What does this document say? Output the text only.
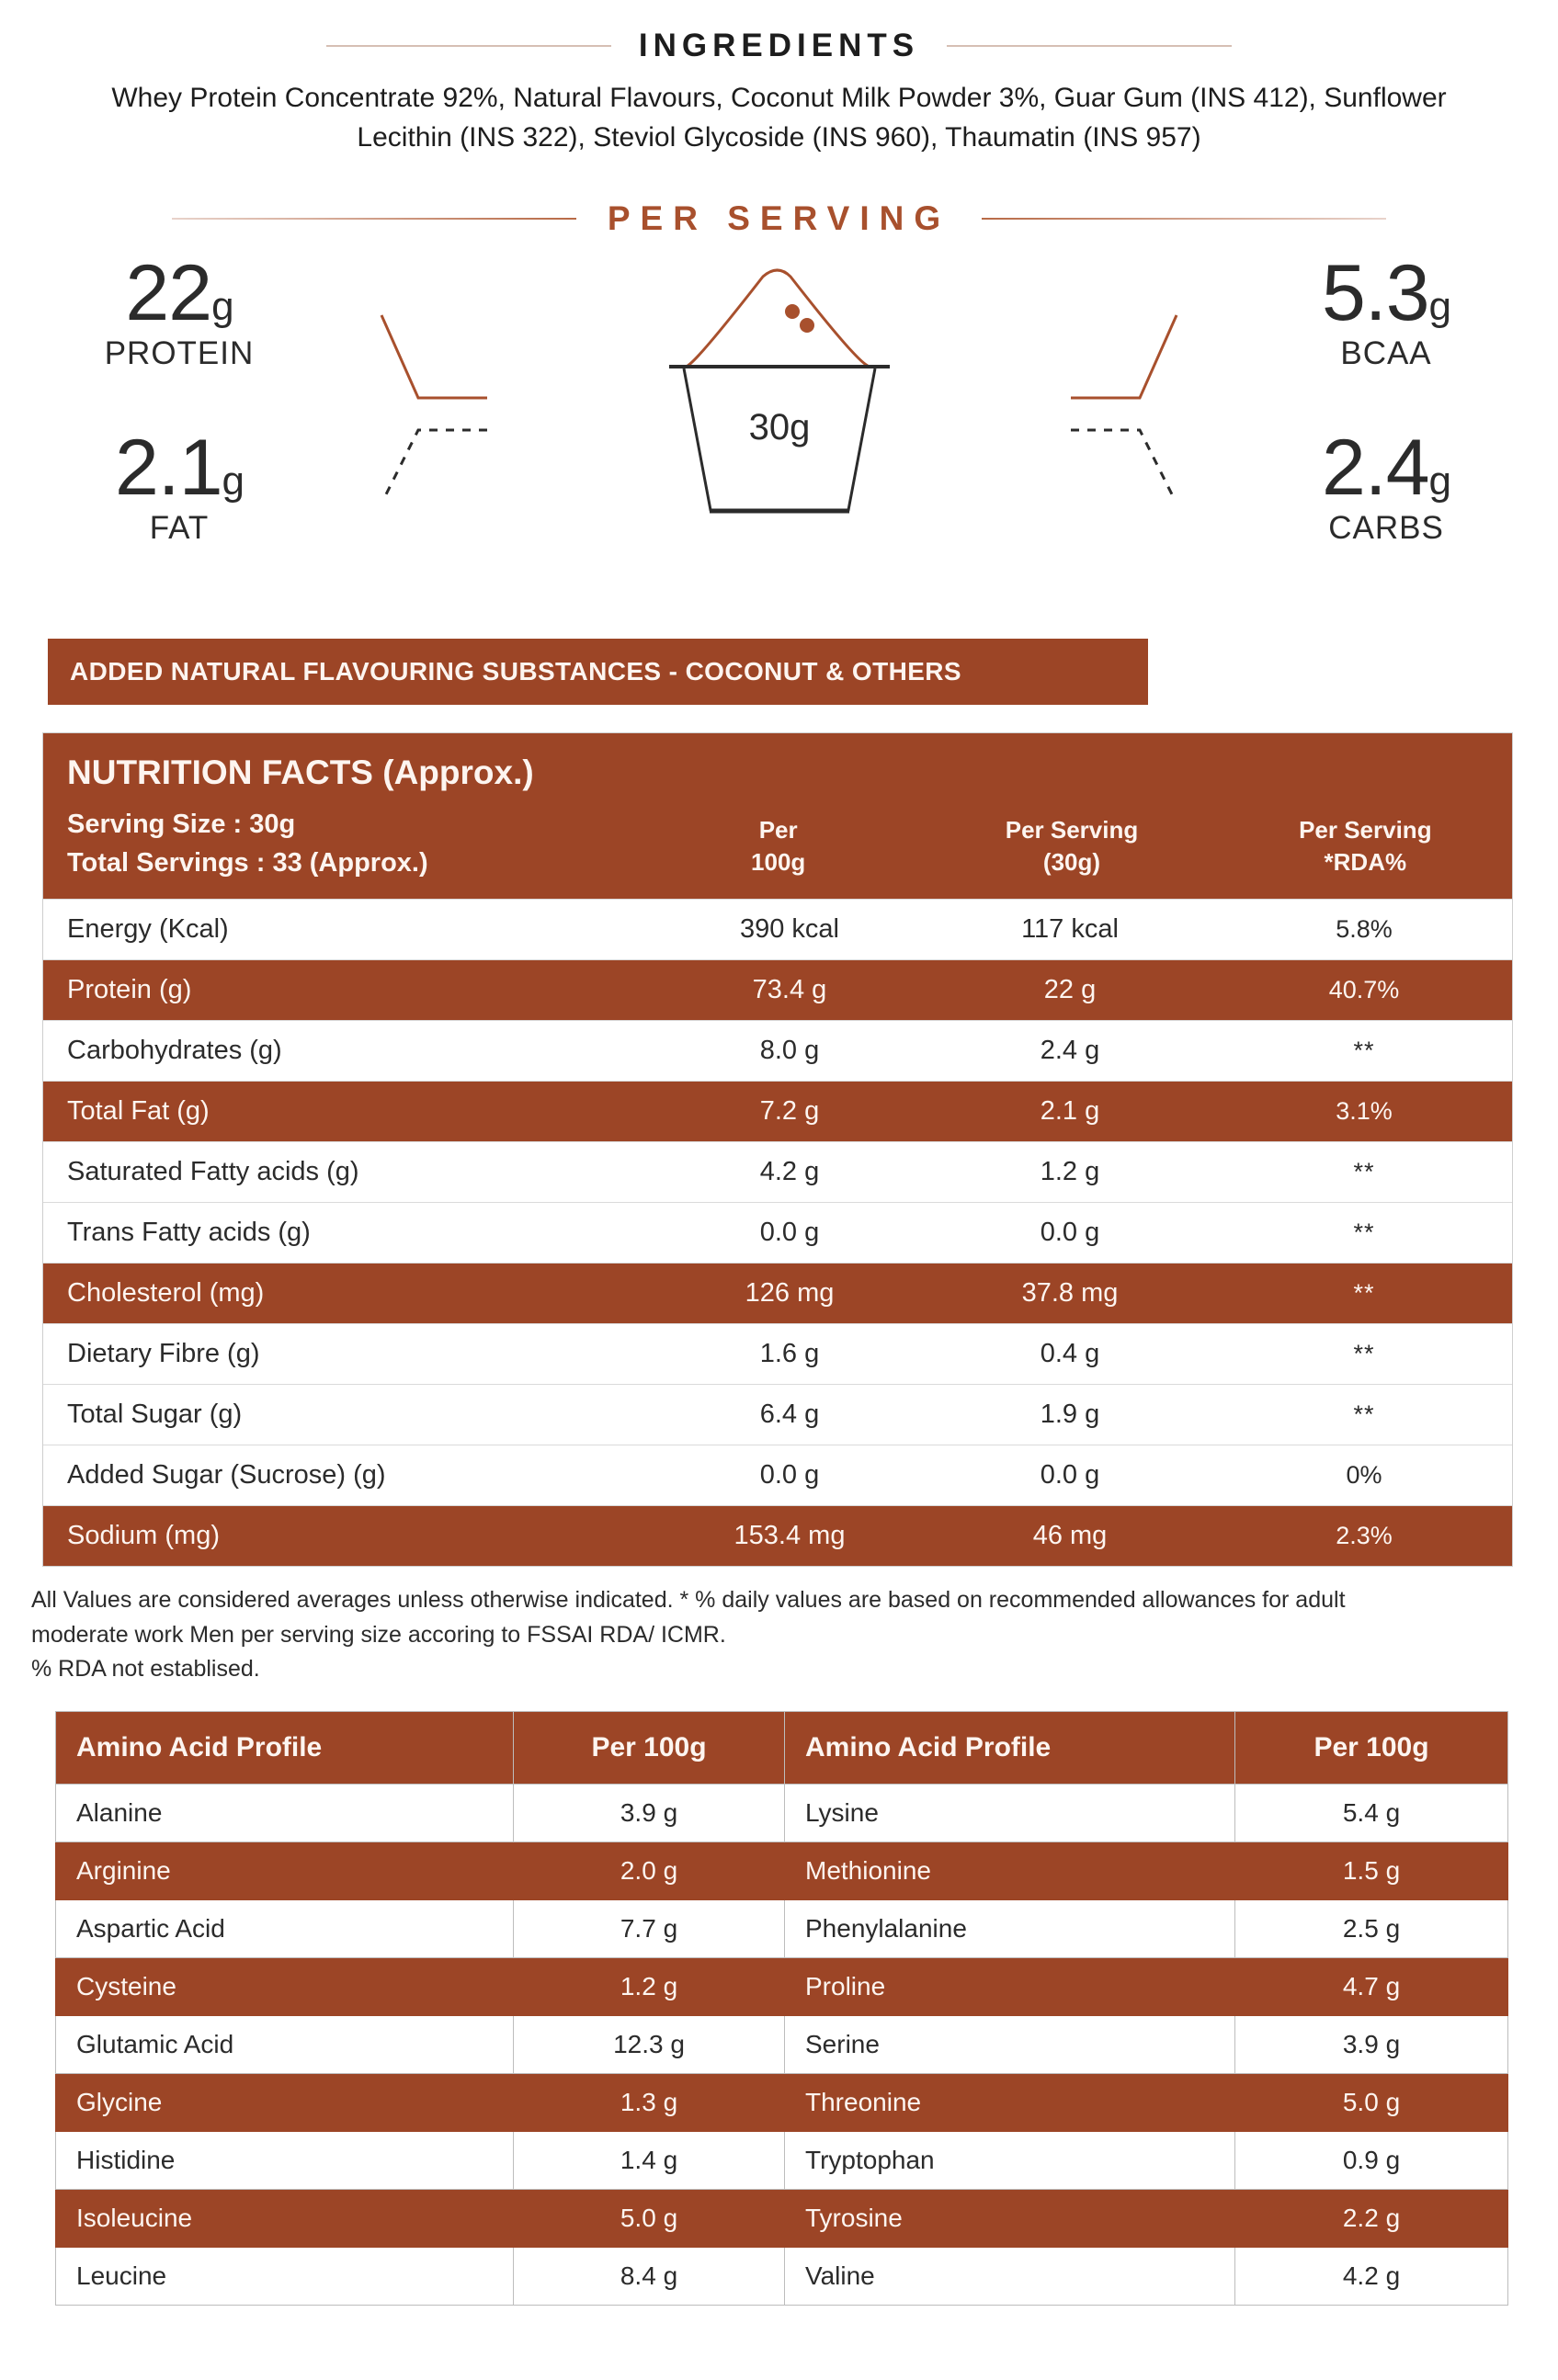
INGREDIENTS
Whey Protein Concentrate 92%, Natural Flavours, Coconut Milk Powder 3%, Guar Gum (INS 412), Sunflower Lecithin (INS 322), Steviol Glycoside (INS 960), Thaumatin (INS 957)
PER SERVING
30g
22g
PROTEIN
2.1g
FAT
5.3g
BCAA
2.4g
CARBS
ADDED NATURAL FLAVOURING SUBSTANCES - COCONUT & OTHERS
NUTRITION FACTS (Approx.)
Serving Size : 30g
Total Servings : 33 (Approx.)
Per
100g
Per Serving
(30g)
Per Serving
*RDA%
Energy (Kcal)	390 kcal	117 kcal	5.8%
Protein (g)	73.4 g	22 g	40.7%
Carbohydrates (g)	8.0 g	2.4 g	**
Total Fat (g)	7.2 g	2.1 g	3.1%
Saturated Fatty acids (g)	4.2 g	1.2 g	**
Trans Fatty acids (g)	0.0 g	0.0 g	**
Cholesterol (mg)	126 mg	37.8 mg	**
Dietary Fibre (g)	1.6 g	0.4 g	**
Total Sugar (g)	6.4 g	1.9 g	**
Added Sugar (Sucrose) (g)	0.0 g	0.0 g	0%
Sodium (mg)	153.4 mg	46 mg	2.3%
All Values are considered averages unless otherwise indicated. * % daily values are based on recommended allowances for adult moderate work Men per serving size accoring to FSSAI RDA/ ICMR.
% RDA not establised.
Amino Acid Profile	Per 100g	Amino Acid Profile	Per 100g
Alanine	3.9 g	Lysine	5.4 g
Arginine	2.0 g	Methionine	1.5 g
Aspartic Acid	7.7 g	Phenylalanine	2.5 g
Cysteine	1.2 g	Proline	4.7 g
Glutamic Acid	12.3 g	Serine	3.9 g
Glycine	1.3 g	Threonine	5.0 g
Histidine	1.4 g	Tryptophan	0.9 g
Isoleucine	5.0 g	Tyrosine	2.2 g
Leucine	8.4 g	Valine	4.2 g
